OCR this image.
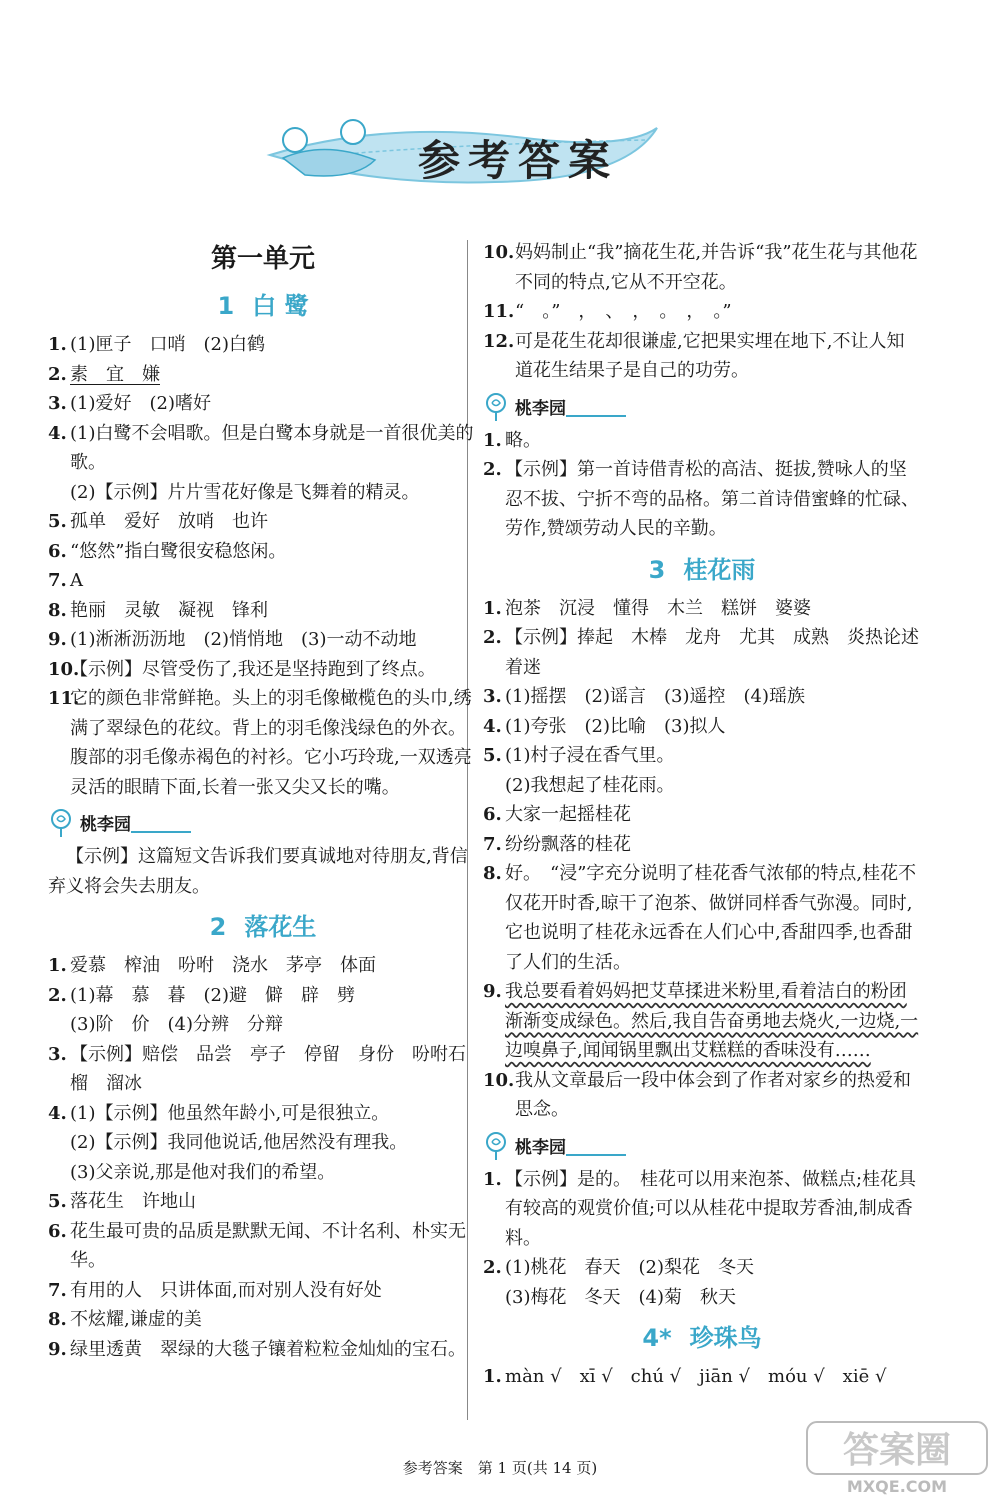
参考答案
第一单元
1 白 鹭
1. (1)匣子　口哨　(2)白鹤
2. 素　宜　嫌
3. (1)爱好　(2)嗜好
4. (1)白鹭不会唱歌。但是白鹭本身就是一首很优美的歌。
(2)【示例】片片雪花好像是飞舞着的精灵。
5. 孤单　爱好　放哨　也许
6. “悠然”指白鹭很安稳悠闲。
7. A
8. 艳丽　灵敏　凝视　锋利
9. (1)淅淅沥沥地　(2)悄悄地　(3)一动不动地
10.
【示例】尽管受伤了,我还是坚持跑到了终点。
11.
它的颜色非常鲜艳。头上的羽毛像橄榄色的头巾,绣满了翠绿色的花纹。背上的羽毛像浅绿色的外衣。腹部的羽毛像赤褐色的衬衫。它小巧玲珑,一双透亮灵活的眼睛下面,长着一张又尖又长的嘴。
桃李园
【示例】这篇短文告诉我们要真诚地对待朋友,背信弃义将会失去朋友。
2 落花生
1. 爱慕　榨油　吩咐　浇水　茅亭　体面
2. (1)幕　慕　暮　(2)避　僻　辟　劈
(3)阶　价　(4)分辨　分辩
3. 【示例】赔偿　品尝　亭子　停留　身份　吩咐石榴　溜冰
4. (1)【示例】他虽然年龄小,可是很独立。
(2)【示例】我同他说话,他居然没有理我。
(3)父亲说,那是他对我们的希望。
5. 落花生　许地山
6. 花生最可贵的品质是默默无闻、不计名利、朴实无华。
7. 有用的人　只讲体面,而对别人没有好处
8. 不炫耀,谦虚的美
9. 绿里透黄　翠绿的大毯子镶着粒粒金灿灿的宝石。
10. 妈妈制止“我”摘花生花,并告诉“我”花生花与其他花不同的特点,它从不开空花。
11. “　。”　，　、　，　。　，　。”
12. 可是花生花却很谦虚,它把果实埋在地下,不让人知道花生结果子是自己的功劳。
桃李园
1. 略。
2. 【示例】第一首诗借青松的高洁、挺拔,赞咏人的坚忍不拔、宁折不弯的品格。第二首诗借蜜蜂的忙碌、劳作,赞颂劳动人民的辛勤。
3 桂花雨
1. 泡茶　沉浸　懂得　木兰　糕饼　婆婆
2. 【示例】捧起　木棒　龙舟　尤其　成熟　炎热论述　着迷
3. (1)摇摆　(2)谣言　(3)遥控　(4)瑶族
4. (1)夸张　(2)比喻　(3)拟人
5. (1)村子浸在香气里。
(2)我想起了桂花雨。
6. 大家一起摇桂花
7. 纷纷飘落的桂花
8. 好。　“浸”字充分说明了桂花香气浓郁的特点,桂花不仅花开时香,晾干了泡茶、做饼同样香气弥漫。同时,它也说明了桂花永远香在人们心中,香甜四季,也香甜了人们的生活。
9. 我总要看着妈妈把艾草揉进米粉里,看着洁白的粉团渐渐变成绿色。然后,我自告奋勇地去烧火,一边烧,一边嗅鼻子,闻闻锅里飘出艾糕糕的香味没有……
10. 我从文章最后一段中体会到了作者对家乡的热爱和思念。
桃李园
1. 【示例】是的。　桂花可以用来泡茶、做糕点;桂花具有较高的观赏价值;可以从桂花中提取芳香油,制成香料。
2. (1)桃花　春天　(2)梨花　冬天
(3)梅花　冬天　(4)菊　秋天
4* 珍珠鸟
1. màn √　xī √　chú √　jiān √　móu √　xiē √
答案圈
MXQE.COM
参考答案　第 1 页(共 14 页)
